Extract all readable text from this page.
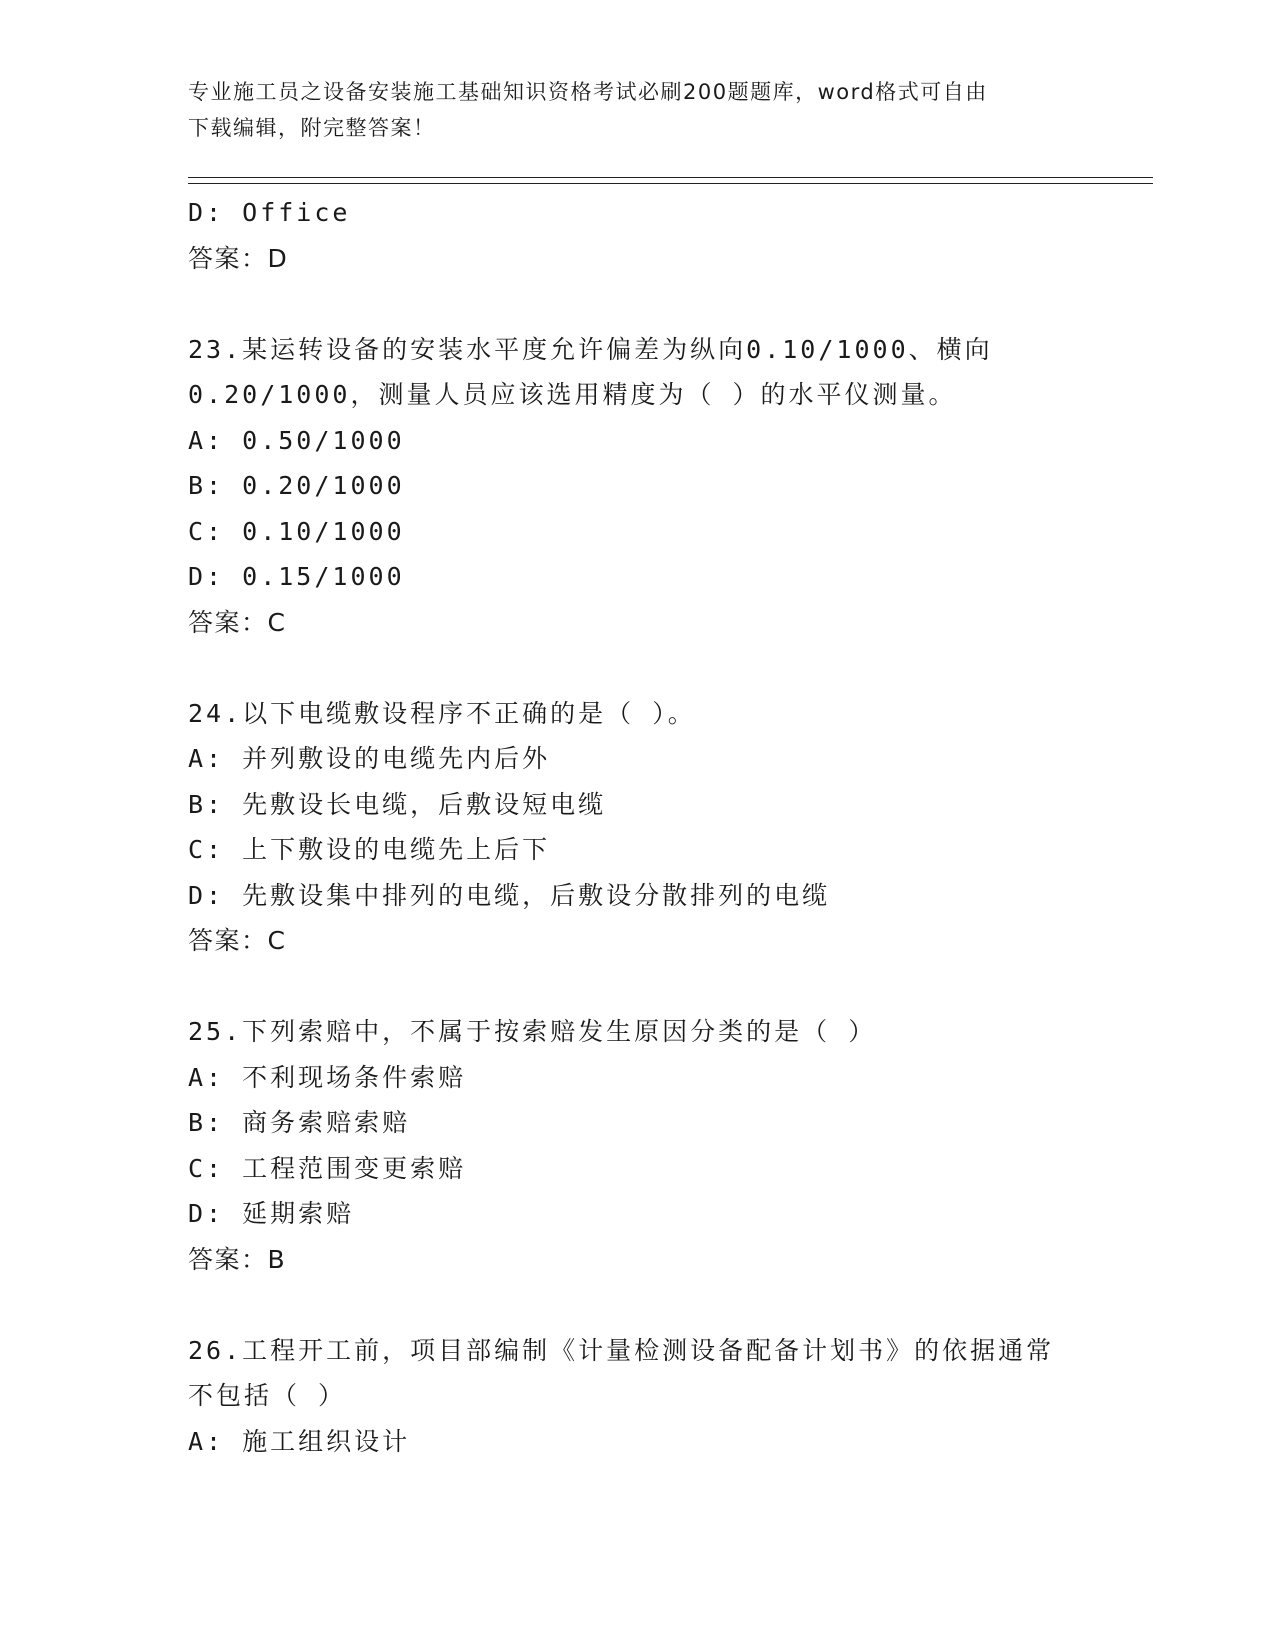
专业施工员之设备安装施工基础知识资格考试必刷200题题库，word格式可自由
下载编辑，附完整答案！
D: Office
答案：D
23.某运转设备的安装水平度允许偏差为纵向0.10/1000、横向
0.20/1000，测量人员应该选用精度为（ ）的水平仪测量。
A: 0.50/1000
B: 0.20/1000
C: 0.10/1000
D: 0.15/1000
答案：C
24.以下电缆敷设程序不正确的是（ ）。
A: 并列敷设的电缆先内后外
B: 先敷设长电缆，后敷设短电缆
C: 上下敷设的电缆先上后下
D: 先敷设集中排列的电缆，后敷设分散排列的电缆
答案：C
25.下列索赔中，不属于按索赔发生原因分类的是（ ）
A: 不利现场条件索赔
B: 商务索赔索赔
C: 工程范围变更索赔
D: 延期索赔
答案：B
26.工程开工前，项目部编制《计量检测设备配备计划书》的依据通常
不包括（ ）
A: 施工组织设计
